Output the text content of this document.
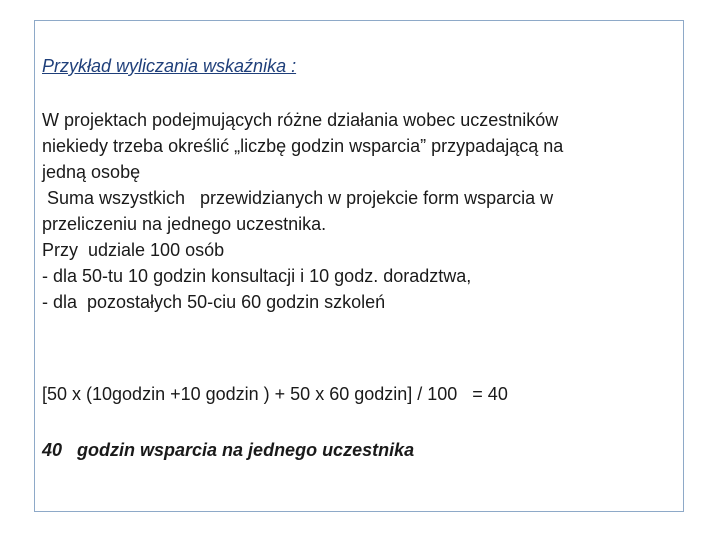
Przykład wyliczania wskaźnika :

W projektach podejmujących różne działania wobec uczestników
niekiedy trzeba określić „liczbę godzin wsparcia” przypadającą na
jedną osobę
Suma wszystkich   przewidzianych w projekcie form wsparcia w
przeliczeniu na jednego uczestnika.
Przy  udziale 100 osób
- dla 50-tu 10 godzin konsultacji i 10 godz. doradztwa,
- dla  pozostałych 50-ciu 60 godzin szkoleń

[50 x (10godzin +10 godzin ) + 50 x 60 godzin] / 100   = 40

40   godzin wsparcia na jednego uczestnika
